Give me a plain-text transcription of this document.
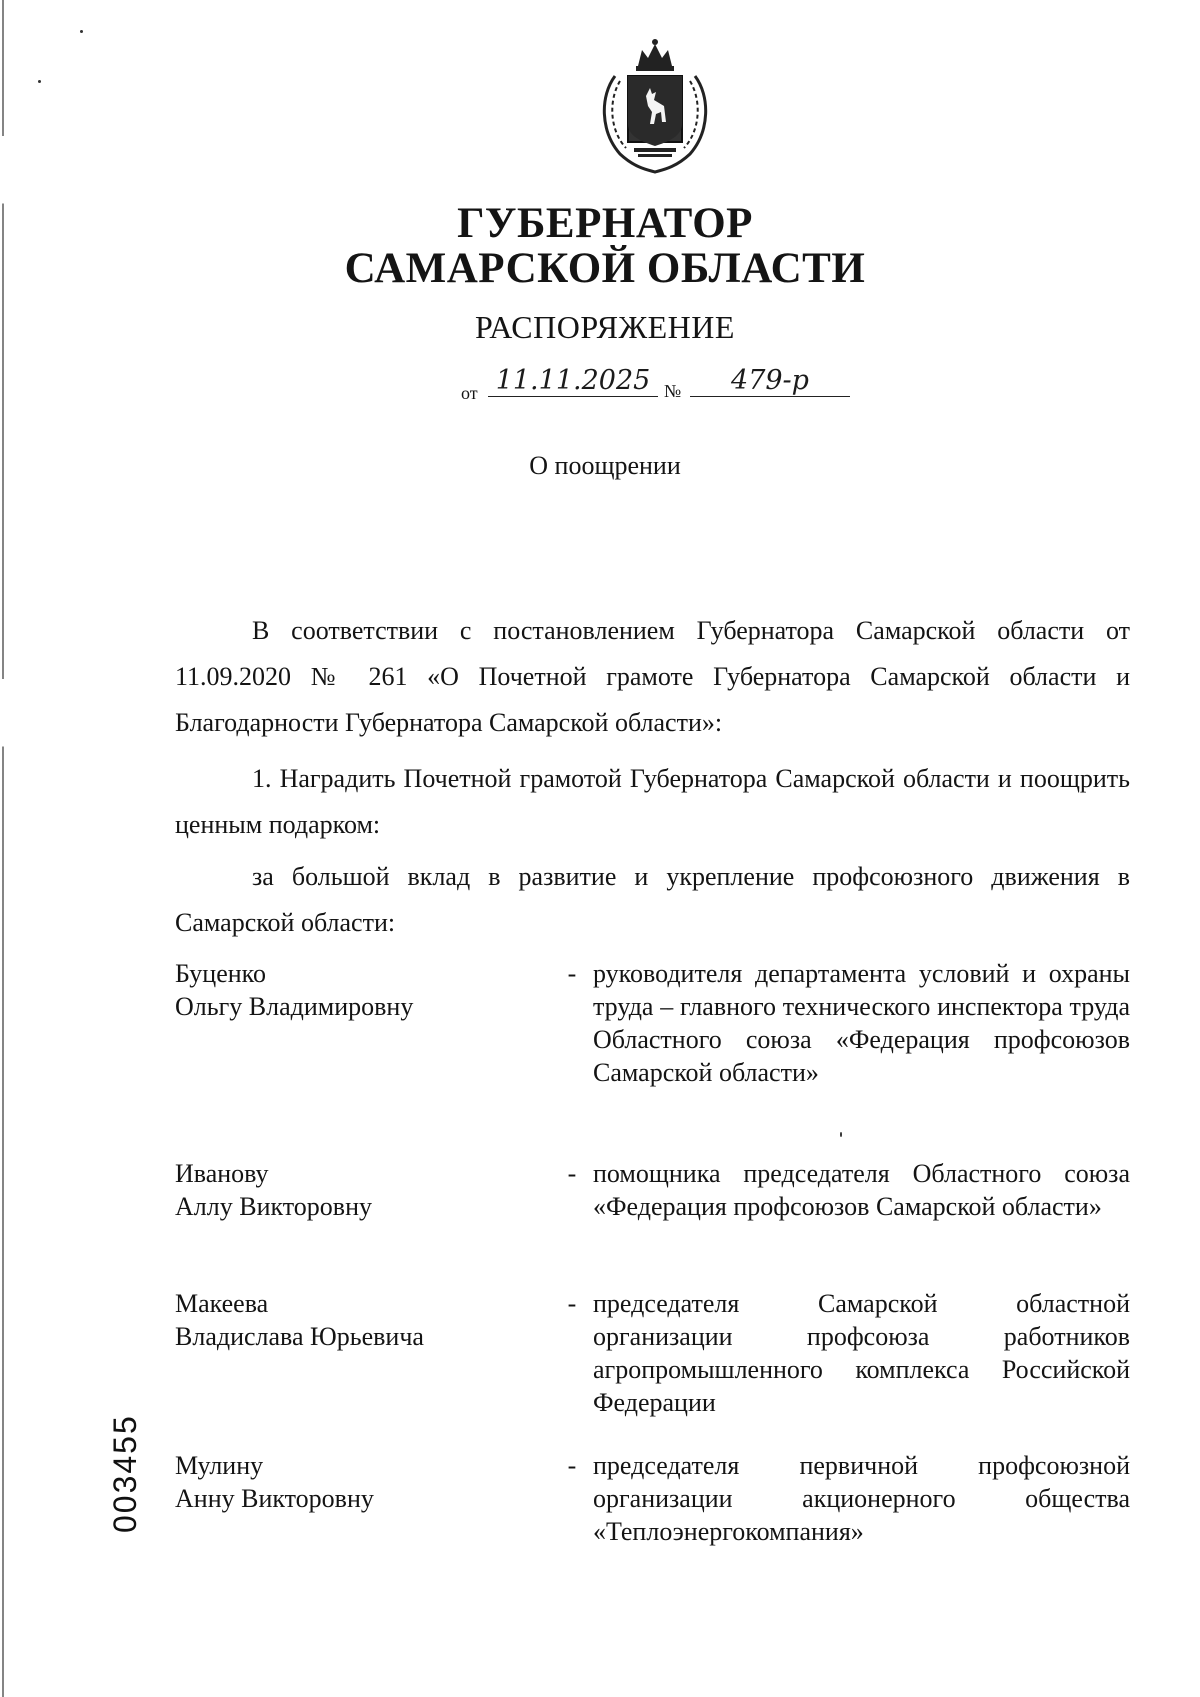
ГУБЕРНАТОР
САМАРСКОЙ ОБЛАСТИ
РАСПОРЯЖЕНИЕ
от 11.11.2025 №	479-р
О поощрении
В соответствии с постановлением Губернатора Самарской области от 11.09.2020 № 261 «О Почетной грамоте Губернатора Самарской области и Благодарности Губернатора Самарской области»:
1. Наградить Почетной грамотой Губернатора Самарской области и поощрить ценным подарком:
за большой вклад в развитие и укрепление профсоюзного движения в Самарской области:
Буценко
Ольгу Владимировну
- руководителя департамента условий и охраны труда – главного технического инспектора труда Областного союза «Федерация профсоюзов Самарской области»
Иванову
Аллу Викторовну
- помощника председателя Областного союза «Федерация профсоюзов Самарской области»
Макеева
Владислава Юрьевича
- председателя Самарской областной организации профсоюза работников агропромышленного комплекса Российской Федерации
Мулину
Анну Викторовну
- председателя первичной профсоюзной организации акционерного общества «Теплоэнергокомпания»
003455
